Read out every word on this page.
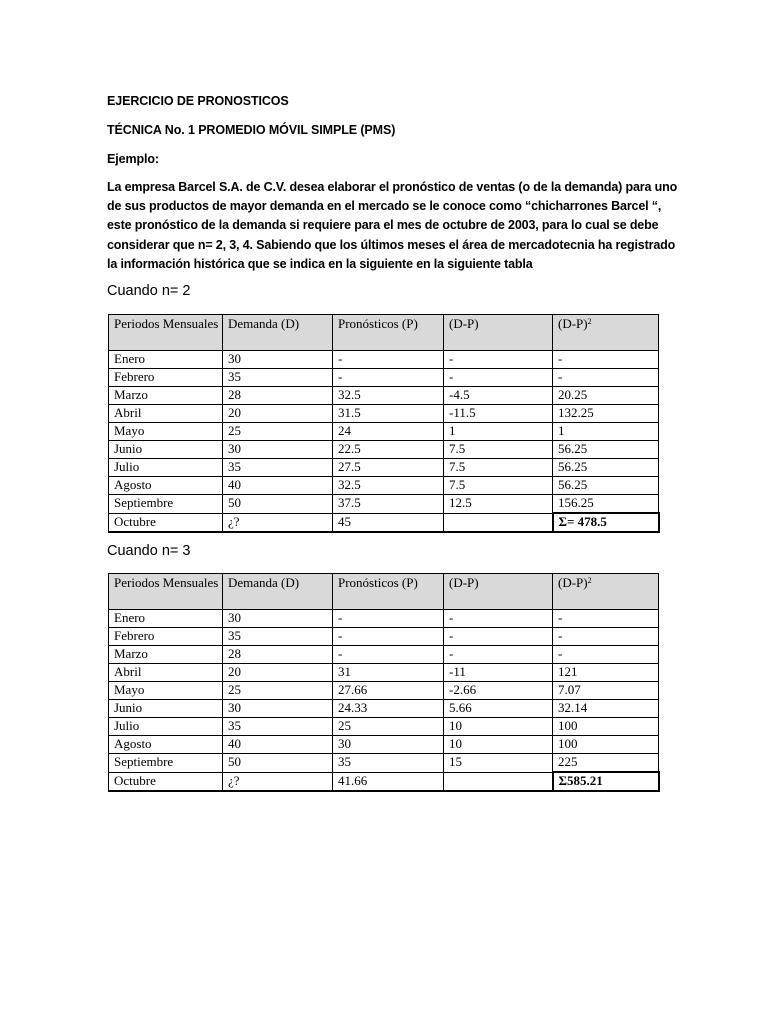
EJERCICIO DE PRONOSTICOS
TÉCNICA No. 1 PROMEDIO MÓVIL SIMPLE (PMS)
Ejemplo:
La empresa Barcel S.A. de C.V. desea elaborar el pronóstico de ventas (o de la demanda) para uno
de sus productos de mayor demanda en el mercado se le conoce como “chicharrones Barcel “,
este pronóstico de la demanda si requiere para el mes de octubre de 2003, para lo cual se debe
considerar que n= 2, 3, 4. Sabiendo que los últimos meses el área de mercadotecnia ha registrado
la información histórica que se indica en la siguiente en la siguiente tabla
Cuando n= 2
Periodos Mensuales	Demanda (D)	Pronósticos (P)	(D-P)	$(D-P)^2$
Enero	30	-	-	-
Febrero	35	-	-	-
Marzo	28	32.5	-4.5	20.25
Abril	20	31.5	-11.5	132.25
Mayo	25	24	1	1
Junio	30	22.5	7.5	56.25
Julio	35	27.5	7.5	56.25
Agosto	40	32.5	7.5	56.25
Septiembre	50	37.5	12.5	156.25
Octubre	¿?	45		Σ= 478.5
Cuando n= 3
Periodos Mensuales	Demanda (D)	Pronósticos (P)	(D-P)	$(D-P)^2$
Enero	30	-	-	-
Febrero	35	-	-	-
Marzo	28	-	-	-
Abril	20	31	-11	121
Mayo	25	27.66	-2.66	7.07
Junio	30	24.33	5.66	32.14
Julio	35	25	10	100
Agosto	40	30	10	100
Septiembre	50	35	15	225
Octubre	¿?	41.66		Σ585.21
